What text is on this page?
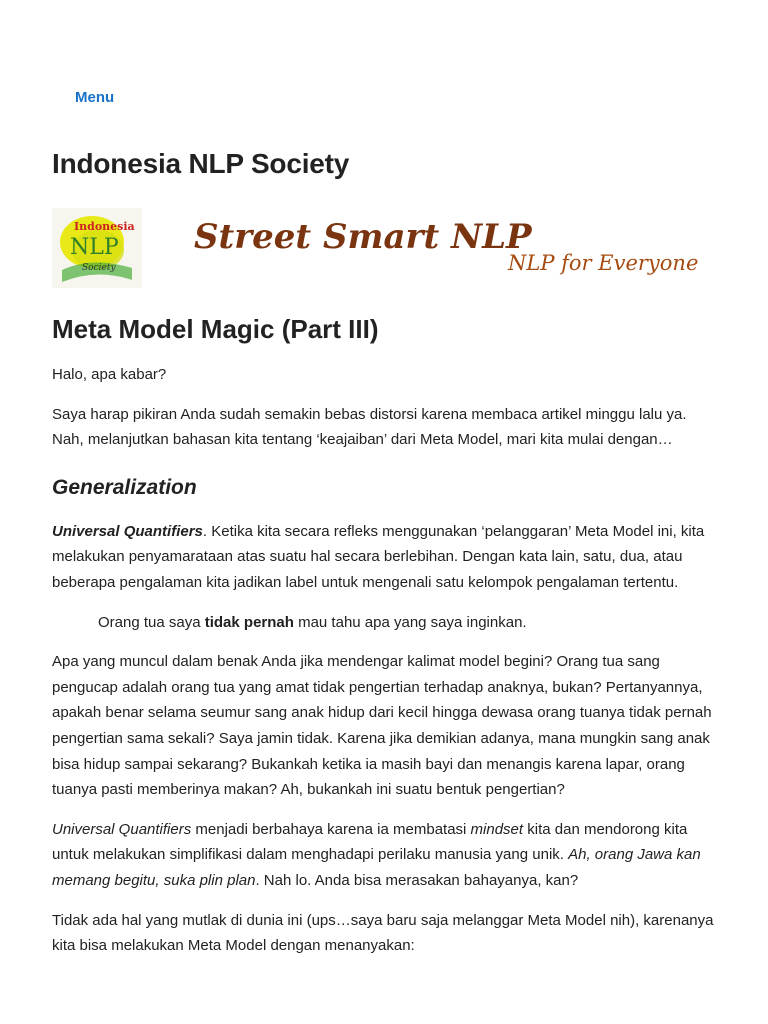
Menu
Indonesia NLP Society
Indonesia
NLP
Society
Street Smart NLP
NLP for Everyone
Meta Model Magic (Part III)

Halo, apa kabar?

Saya harap pikiran Anda sudah semakin bebas distorsi karena membaca artikel minggu lalu ya. Nah, melanjutkan bahasan kita tentang ‘keajaiban’ dari Meta Model, mari kita mulai dengan…

Generalization

Universal Quantifiers. Ketika kita secara refleks menggunakan ‘pelanggaran’ Meta Model ini, kita melakukan penyamarataan atas suatu hal secara berlebihan. Dengan kata lain, satu, dua, atau beberapa pengalaman kita jadikan label untuk mengenali satu kelompok pengalaman tertentu.

Orang tua saya tidak pernah mau tahu apa yang saya inginkan.

Apa yang muncul dalam benak Anda jika mendengar kalimat model begini? Orang tua sang pengucap adalah orang tua yang amat tidak pengertian terhadap anaknya, bukan? Pertanyannya, apakah benar selama seumur sang anak hidup dari kecil hingga dewasa orang tuanya tidak pernah pengertian sama sekali? Saya jamin tidak. Karena jika demikian adanya, mana mungkin sang anak bisa hidup sampai sekarang? Bukankah ketika ia masih bayi dan menangis karena lapar, orang tuanya pasti memberinya makan? Ah, bukankah ini suatu bentuk pengertian?

Universal Quantifiers menjadi berbahaya karena ia membatasi mindset kita dan mendorong kita untuk melakukan simplifikasi dalam menghadapi perilaku manusia yang unik. Ah, orang Jawa kan memang begitu, suka plin plan. Nah lo. Anda bisa merasakan bahayanya, kan?

Tidak ada hal yang mutlak di dunia ini (ups…saya baru saja melanggar Meta Model nih), karenanya kita bisa melakukan Meta Model dengan menanyakan:
